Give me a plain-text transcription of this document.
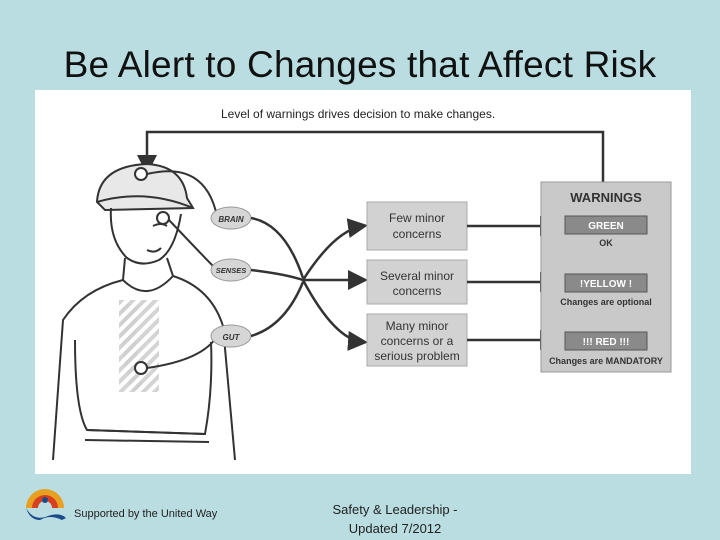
Be Alert to Changes that Affect Risk
Level of warnings drives decision to make changes.
BRAIN
SENSES
GUT
Few minor
concerns
Several minor
concerns
Many minor
concerns or a
serious problem
WARNINGS
GREEN
OK
!YELLOW !
Changes are optional
!!! RED !!!
Changes are MANDATORY
Supported by the United Way	Safety & Leadership -
Updated 7/2012
